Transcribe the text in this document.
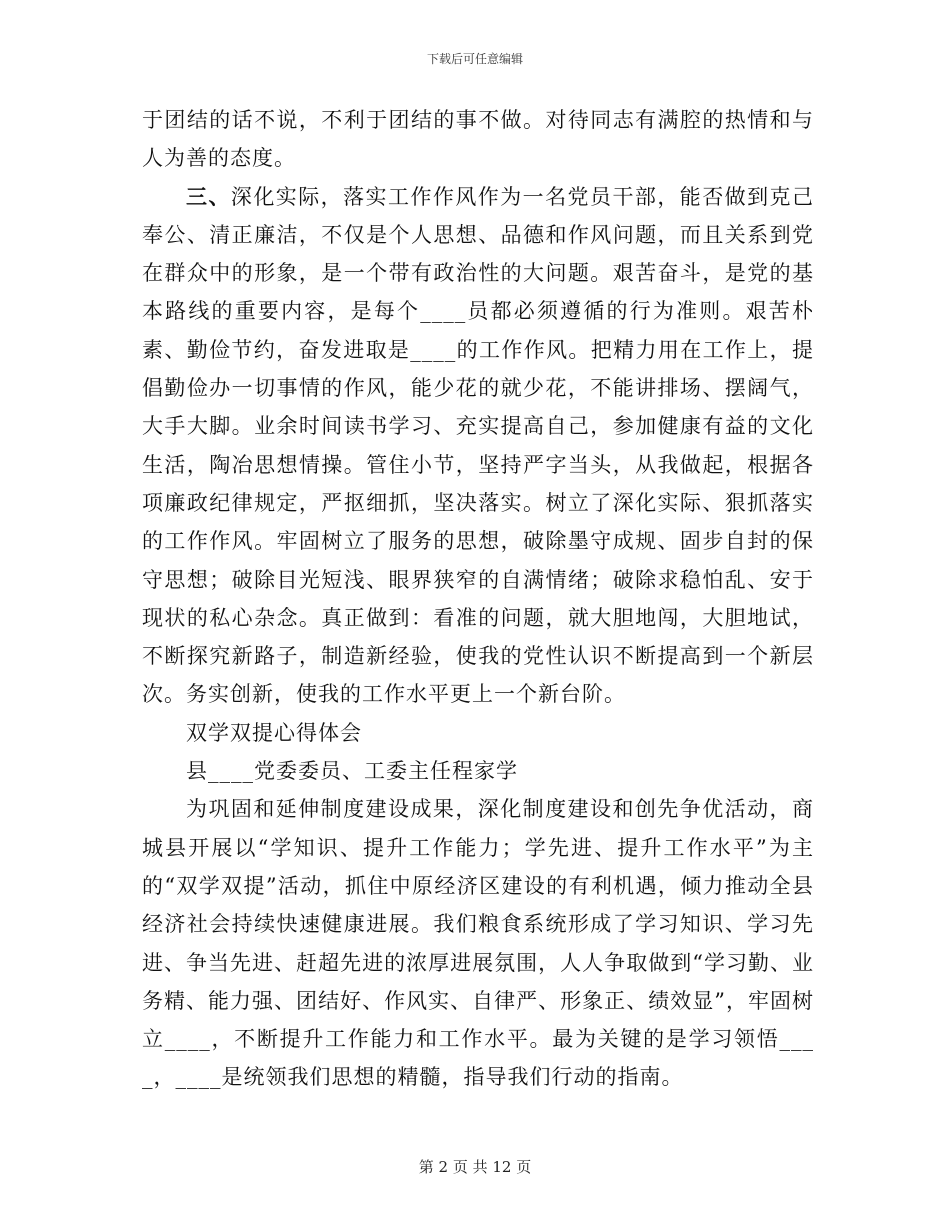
下载后可任意编辑

于团结的话不说，不利于团结的事不做。对待同志有满腔的热情和与人为善的态度。

三、深化实际，落实工作作风作为一名党员干部，能否做到克己奉公、清正廉洁，不仅是个人思想、品德和作风问题，而且关系到党在群众中的形象，是一个带有政治性的大问题。艰苦奋斗，是党的基本路线的重要内容，是每个____员都必须遵循的行为准则。艰苦朴素、勤俭节约，奋发进取是____的工作作风。把精力用在工作上，提倡勤俭办一切事情的作风，能少花的就少花，不能讲排场、摆阔气，大手大脚。业余时间读书学习、充实提高自己，参加健康有益的文化生活，陶冶思想情操。管住小节，坚持严字当头，从我做起，根据各项廉政纪律规定，严抠细抓，坚决落实。树立了深化实际、狠抓落实的工作作风。牢固树立了服务的思想，破除墨守成规、固步自封的保守思想；破除目光短浅、眼界狭窄的自满情绪；破除求稳怕乱、安于现状的私心杂念。真正做到：看准的问题，就大胆地闯，大胆地试，不断探究新路子，制造新经验，使我的党性认识不断提高到一个新层次。务实创新，使我的工作水平更上一个新台阶。

双学双提心得体会

县____党委委员、工委主任程家学

为巩固和延伸制度建设成果，深化制度建设和创先争优活动，商城县开展以“学知识、提升工作能力；学先进、提升工作水平”为主的“双学双提”活动，抓住中原经济区建设的有利机遇，倾力推动全县经济社会持续快速健康进展。我们粮食系统形成了学习知识、学习先进、争当先进、赶超先进的浓厚进展氛围，人人争取做到“学习勤、业务精、能力强、团结好、作风实、自律严、形象正、绩效显”，牢固树立____，不断提升工作能力和工作水平。最为关键的是学习领悟____，____是统领我们思想的精髓，指导我们行动的指南。

第 2 页 共 12 页
